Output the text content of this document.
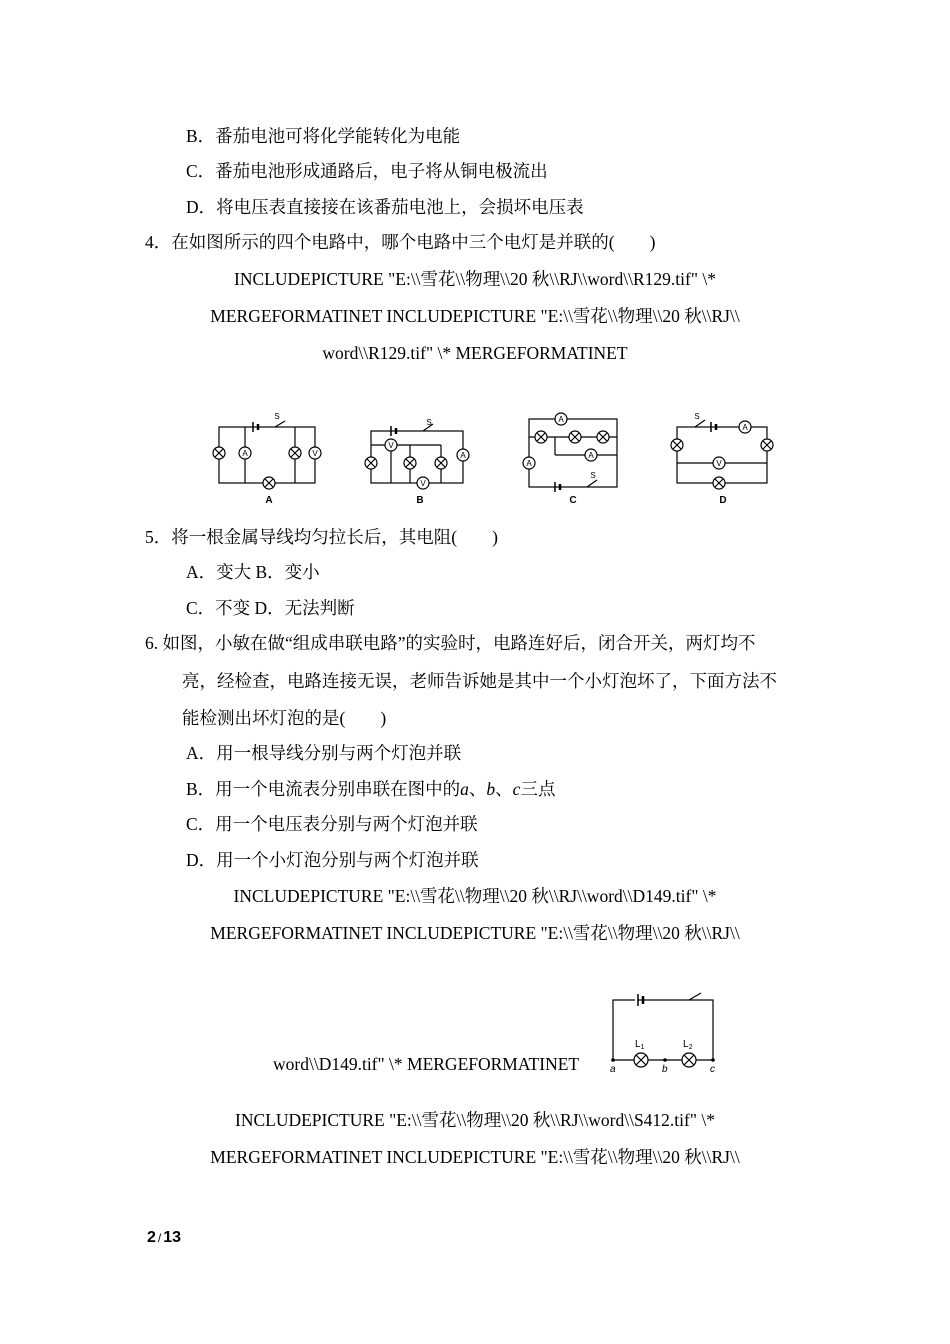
B．番茄电池可将化学能转化为电能
C．番茄电池形成通路后，电子将从铜电极流出
D．将电压表直接接在该番茄电池上，会损坏电压表
4．在如图所示的四个电路中，哪个电路中三个电灯是并联的(　　)
INCLUDEPICTURE "E:\\雪花\\物理\\20 秋\\RJ\\word\\R129.tif" \*
MERGEFORMATINET INCLUDEPICTURE "E:\\雪花\\物理\\20 秋\\RJ\\
word\\R129.tif" \* MERGEFORMATINET
S
A	V
S
V
A
V
A
A
A
S
S
A
V
A	B	C	D
5．将一根金属导线均匀拉长后，其电阻(　　)
A．变大 B．变小
C．不变 D．无法判断
6. 如图，小敏在做“组成串联电路”的实验时，电路连好后，闭合开关，两灯均不
亮，经检查，电路连接无误，老师告诉她是其中一个小灯泡坏了，下面方法不
能检测出坏灯泡的是(　　)
A．用一根导线分别与两个灯泡并联
B．用一个电流表分别串联在图中的a、b、c三点
C．用一个电压表分别与两个灯泡并联
D．用一个小灯泡分别与两个灯泡并联
INCLUDEPICTURE "E:\\雪花\\物理\\20 秋\\RJ\\word\\D149.tif" \*
MERGEFORMATINET INCLUDEPICTURE "E:\\雪花\\物理\\20 秋\\RJ\\
word\\D149.tif" \* MERGEFORMATINET
$L_1$	$L_2$
a	b	c
INCLUDEPICTURE "E:\\雪花\\物理\\20 秋\\RJ\\word\\S412.tif" \*
MERGEFORMATINET INCLUDEPICTURE "E:\\雪花\\物理\\20 秋\\RJ\\
2 / 13
